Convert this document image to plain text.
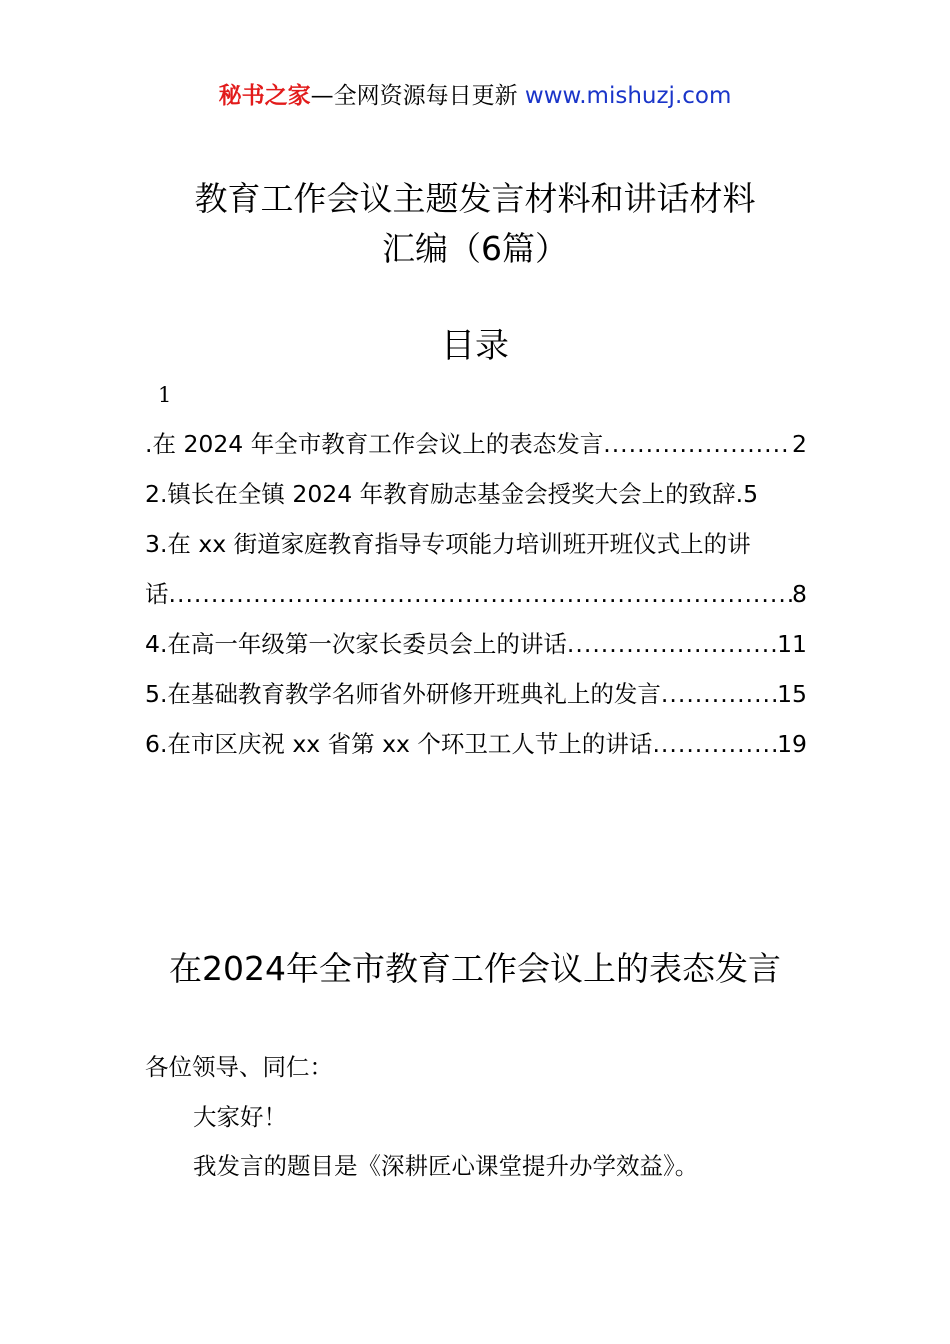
秘书之家—全网资源每日更新 www.mishuzj.com
教育工作会议主题发言材料和讲话材料
汇编（6篇）
目录
1
.在 2024 年全市教育工作会议上的表态发言 .....	2
2.镇长在全镇 2024 年教育励志基金会授奖大会上的致辞. 5
3.在 xx 街道家庭教育指导专项能力培训班开班仪式上的讲
话 .....	8
4.在高一年级第一次家长委员会上的讲话 .....	11
5.在基础教育教学名师省外研修开班典礼上的发言 .....	15
6.在市区庆祝 xx 省第 xx 个环卫工人节上的讲话 .....	19
在2024年全市教育工作会议上的表态发言
各位领导、同仁：
大家好！
我发言的题目是《深耕匠心课堂提升办学效益》。
